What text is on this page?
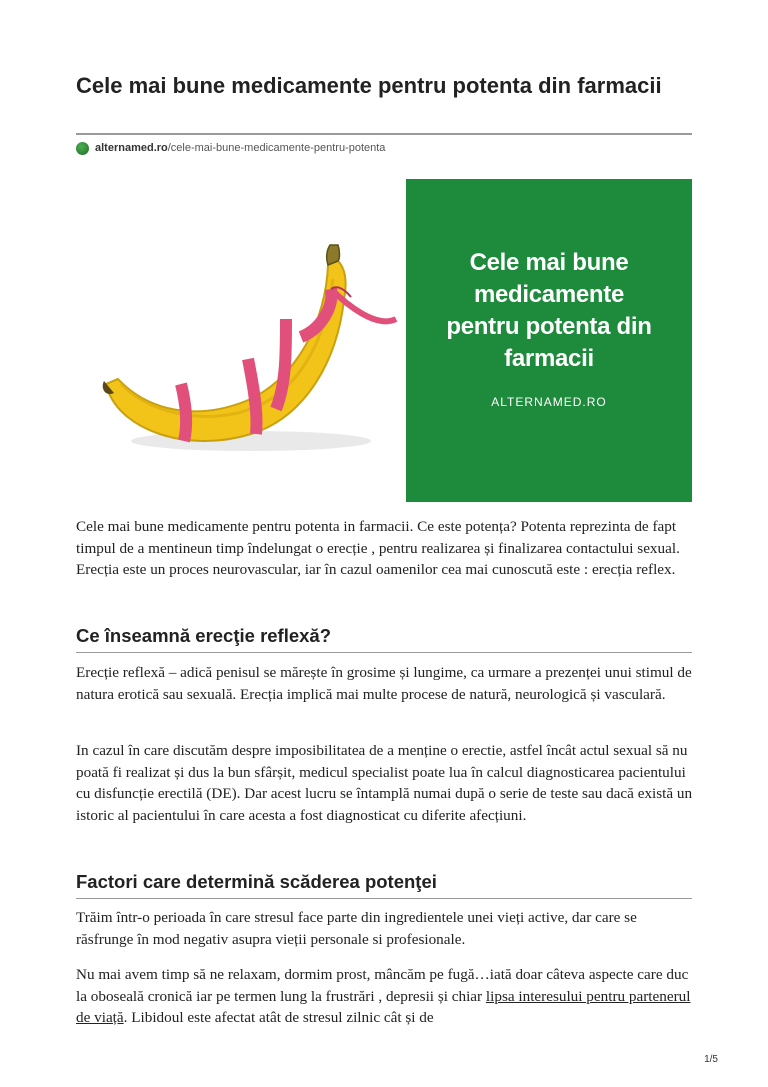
Cele mai bune medicamente pentru potenta din farmacii
alternamed.ro /cele-mai-bune-medicamente-pentru-potenta
Cele mai bune
medicamente
pentru potenta din
farmacii
ALTERNAMED.RO

Cele mai bune medicamente pentru potenta in farmacii. Ce este potența? Potenta reprezinta de fapt timpul de a mentineun timp îndelungat o erecție , pentru realizarea și finalizarea contactului sexual. Erecția este un proces neurovascular, iar în cazul oamenilor cea mai cunoscută este : erecția reflex.

Ce înseamnă erecţie reflexă?

Erecție reflexă – adică penisul se mărește în grosime și lungime, ca urmare a prezenței unui stimul de natura erotică sau sexuală. Erecția implică mai multe procese de natură, neurologică și vasculară.

In cazul în care discutăm despre imposibilitatea de a menține o erectie, astfel încât actul sexual să nu poată fi realizat și dus la bun sfârșit, medicul specialist poate lua în calcul diagnosticarea pacientului cu disfuncție erectilă (DE). Dar acest lucru se întamplă numai după o serie de teste sau dacă există un istoric al pacientului în care acesta a fost diagnosticat cu diferite afecțiuni.

Factori care determină scăderea potenţei

Trăim într-o perioada în care stresul face parte din ingredientele unei vieți active, dar care se răsfrunge în mod negativ asupra vieții personale si profesionale.

Nu mai avem timp să ne relaxam, dormim prost, mâncăm pe fugă…iată doar câteva aspecte care duc la oboseală cronică iar pe termen lung la frustrări , depresii și chiar lipsa interesului pentru partenerul de viață. Libidoul este afectat atât de stresul zilnic cât și de

1/5
